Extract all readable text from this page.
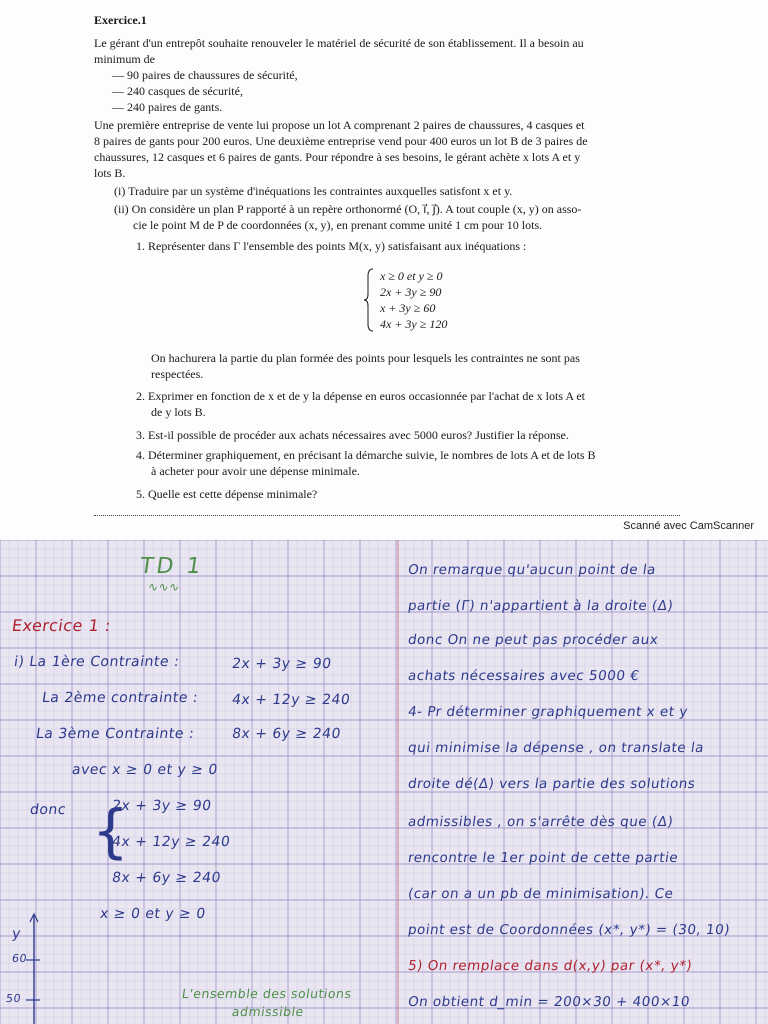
Exercice.1
Le gérant d'un entrepôt souhaite renouveler le matériel de sécurité de son établissement. Il a besoin au
minimum de
— 90 paires de chaussures de sécurité,
— 240 casques de sécurité,
— 240 paires de gants.
Une première entreprise de vente lui propose un lot A comprenant 2 paires de chaussures, 4 casques et
8 paires de gants pour 200 euros. Une deuxième entreprise vend pour 400 euros un lot B de 3 paires de
chaussures, 12 casques et 6 paires de gants. Pour répondre à ses besoins, le gérant achète x lots A et y
lots B.
(i) Traduire par un système d'inéquations les contraintes auxquelles satisfont x et y.
(ii) On considère un plan P rapporté à un repère orthonormé (O, i⃗, j⃗). A tout couple (x, y) on asso-
cie le point M de P de coordonnées (x, y), en prenant comme unité 1 cm pour 10 lots.
1. Représenter dans Γ l'ensemble des points M(x, y) satisfaisant aux inéquations :
x ≥ 0 et y ≥ 0
2x + 3y ≥ 90
x + 3y ≥ 60
4x + 3y ≥ 120
On hachurera la partie du plan formée des points pour lesquels les contraintes ne sont pas
respectées.
2. Exprimer en fonction de x et de y la dépense en euros occasionnée par l'achat de x lots A et
de y lots B.
3. Est-il possible de procéder aux achats nécessaires avec 5000 euros? Justifier la réponse.
4. Déterminer graphiquement, en précisant la démarche suivie, le nombres de lots A et de lots B
à acheter pour avoir une dépense minimale.
5. Quelle est cette dépense minimale?
Scanné avec CamScanner
TD 1
∿∿∿
Exercice 1 :
i) La 1ère Contrainte :	2x + 3y ≥ 90
La 2ème contrainte : 4x + 12y ≥ 240
La 3ème Contrainte :	8x + 6y ≥ 240
avec x ≥ 0 et y ≥ 0
donc {
2x + 3y ≥ 90
4x + 12y ≥ 240
8x + 6y ≥ 240
x ≥ 0 et y ≥ 0
y
60
50	L'ensemble des solutions
admissible
On remarque qu'aucun point de la
partie (Γ) n'appartient à la droite (Δ)
donc On ne peut pas procéder aux
achats nécessaires avec 5000 €
4- Pr déterminer graphiquement x et y
qui minimise la dépense , on translate la
droite dé(Δ) vers la partie des solutions
admissibles , on s'arrête dès que (Δ)
rencontre le 1er point de cette partie
(car on a un pb de minimisation). Ce
point est de Coordonnées (x*, y*) = (30, 10)
5) On remplace dans d(x,y) par (x*, y*)
On obtient d_min = 200×30 + 400×10
